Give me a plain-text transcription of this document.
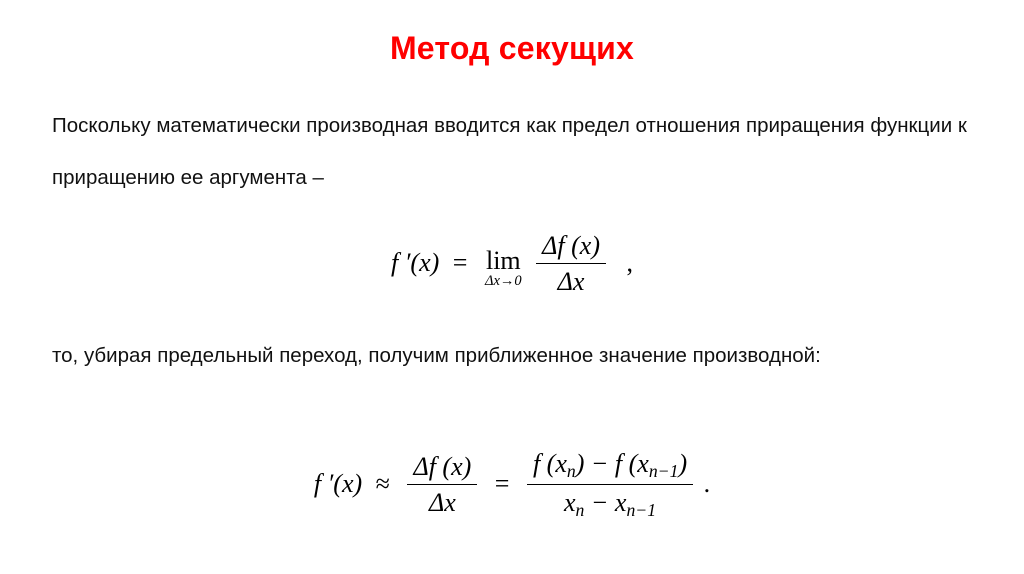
Метод секущих
Поскольку математически производная вводится как предел отношения приращения функции к приращению ее аргумента –
f ′(x) = lim
Δx→0
$\frac{\Delta f (x)}{\Delta x}$ ,
то, убирая предельный переход, получим приближенное значение производной:
f $'(x) \approx \frac{\Delta f (x)}{\Delta x} = \frac{f (x_n) - f (x_{n-1})}{x_n - x_{n-1}}$ .
